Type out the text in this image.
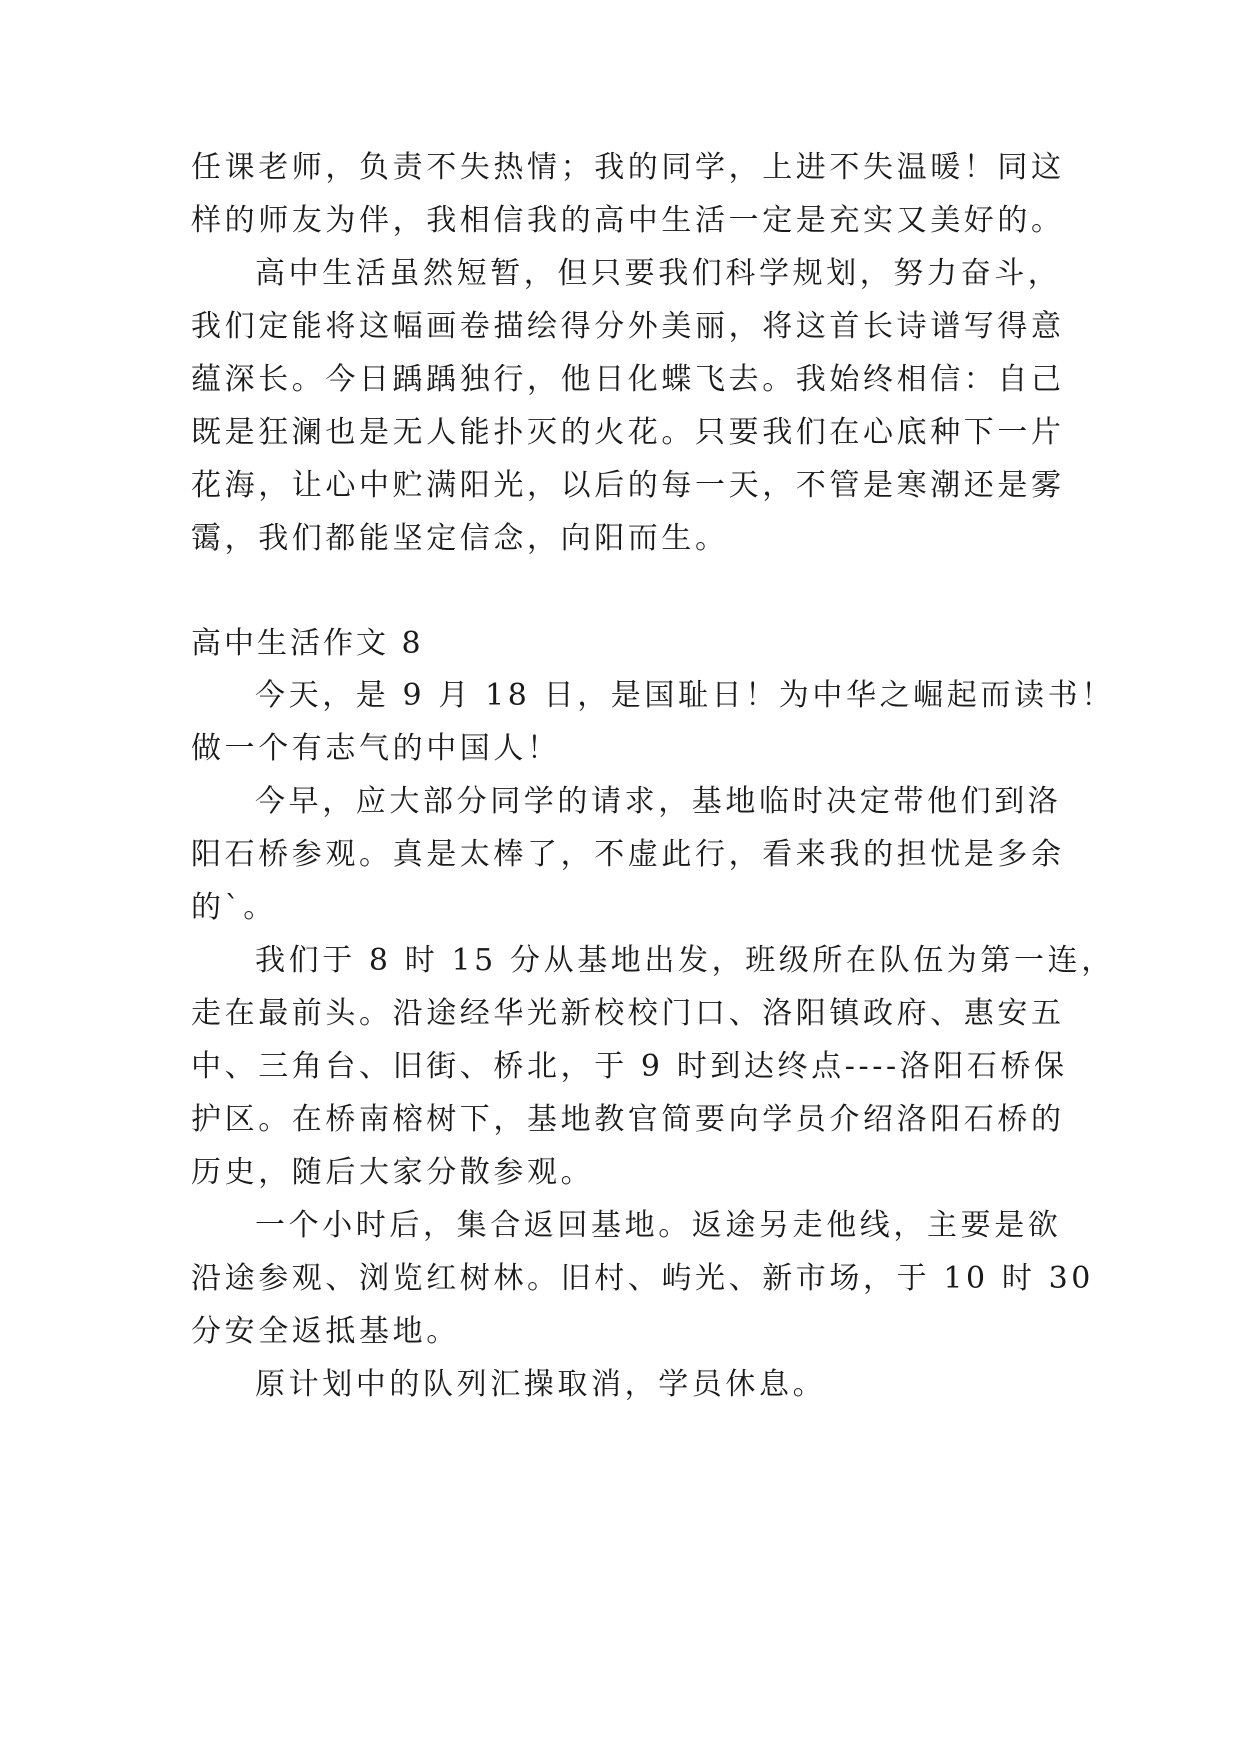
任课老师，负责不失热情；我的同学，上进不失温暖！同这
样的师友为伴，我相信我的高中生活一定是充实又美好的。
高中生活虽然短暂，但只要我们科学规划，努力奋斗，
我们定能将这幅画卷描绘得分外美丽，将这首长诗谱写得意
蕴深长。今日踽踽独行，他日化蝶飞去。我始终相信：自己
既是狂澜也是无人能扑灭的火花。只要我们在心底种下一片
花海，让心中贮满阳光，以后的每一天，不管是寒潮还是雾
霭，我们都能坚定信念，向阳而生。
高中生活作文 8
今天，是 9 月 18 日，是国耻日！为中华之崛起而读书！
做一个有志气的中国人！
今早，应大部分同学的请求，基地临时决定带他们到洛
阳石桥参观。真是太棒了，不虚此行，看来我的担忧是多余
的`。
我们于 8 时 15 分从基地出发，班级所在队伍为第一连，
走在最前头。沿途经华光新校校门口、洛阳镇政府、惠安五
中、三角台、旧街、桥北，于 9 时到达终点----洛阳石桥保
护区。在桥南榕树下，基地教官简要向学员介绍洛阳石桥的
历史，随后大家分散参观。
一个小时后，集合返回基地。返途另走他线，主要是欲
沿途参观、浏览红树林。旧村、屿光、新市场，于 10 时 30
分安全返抵基地。
原计划中的队列汇操取消，学员休息。
